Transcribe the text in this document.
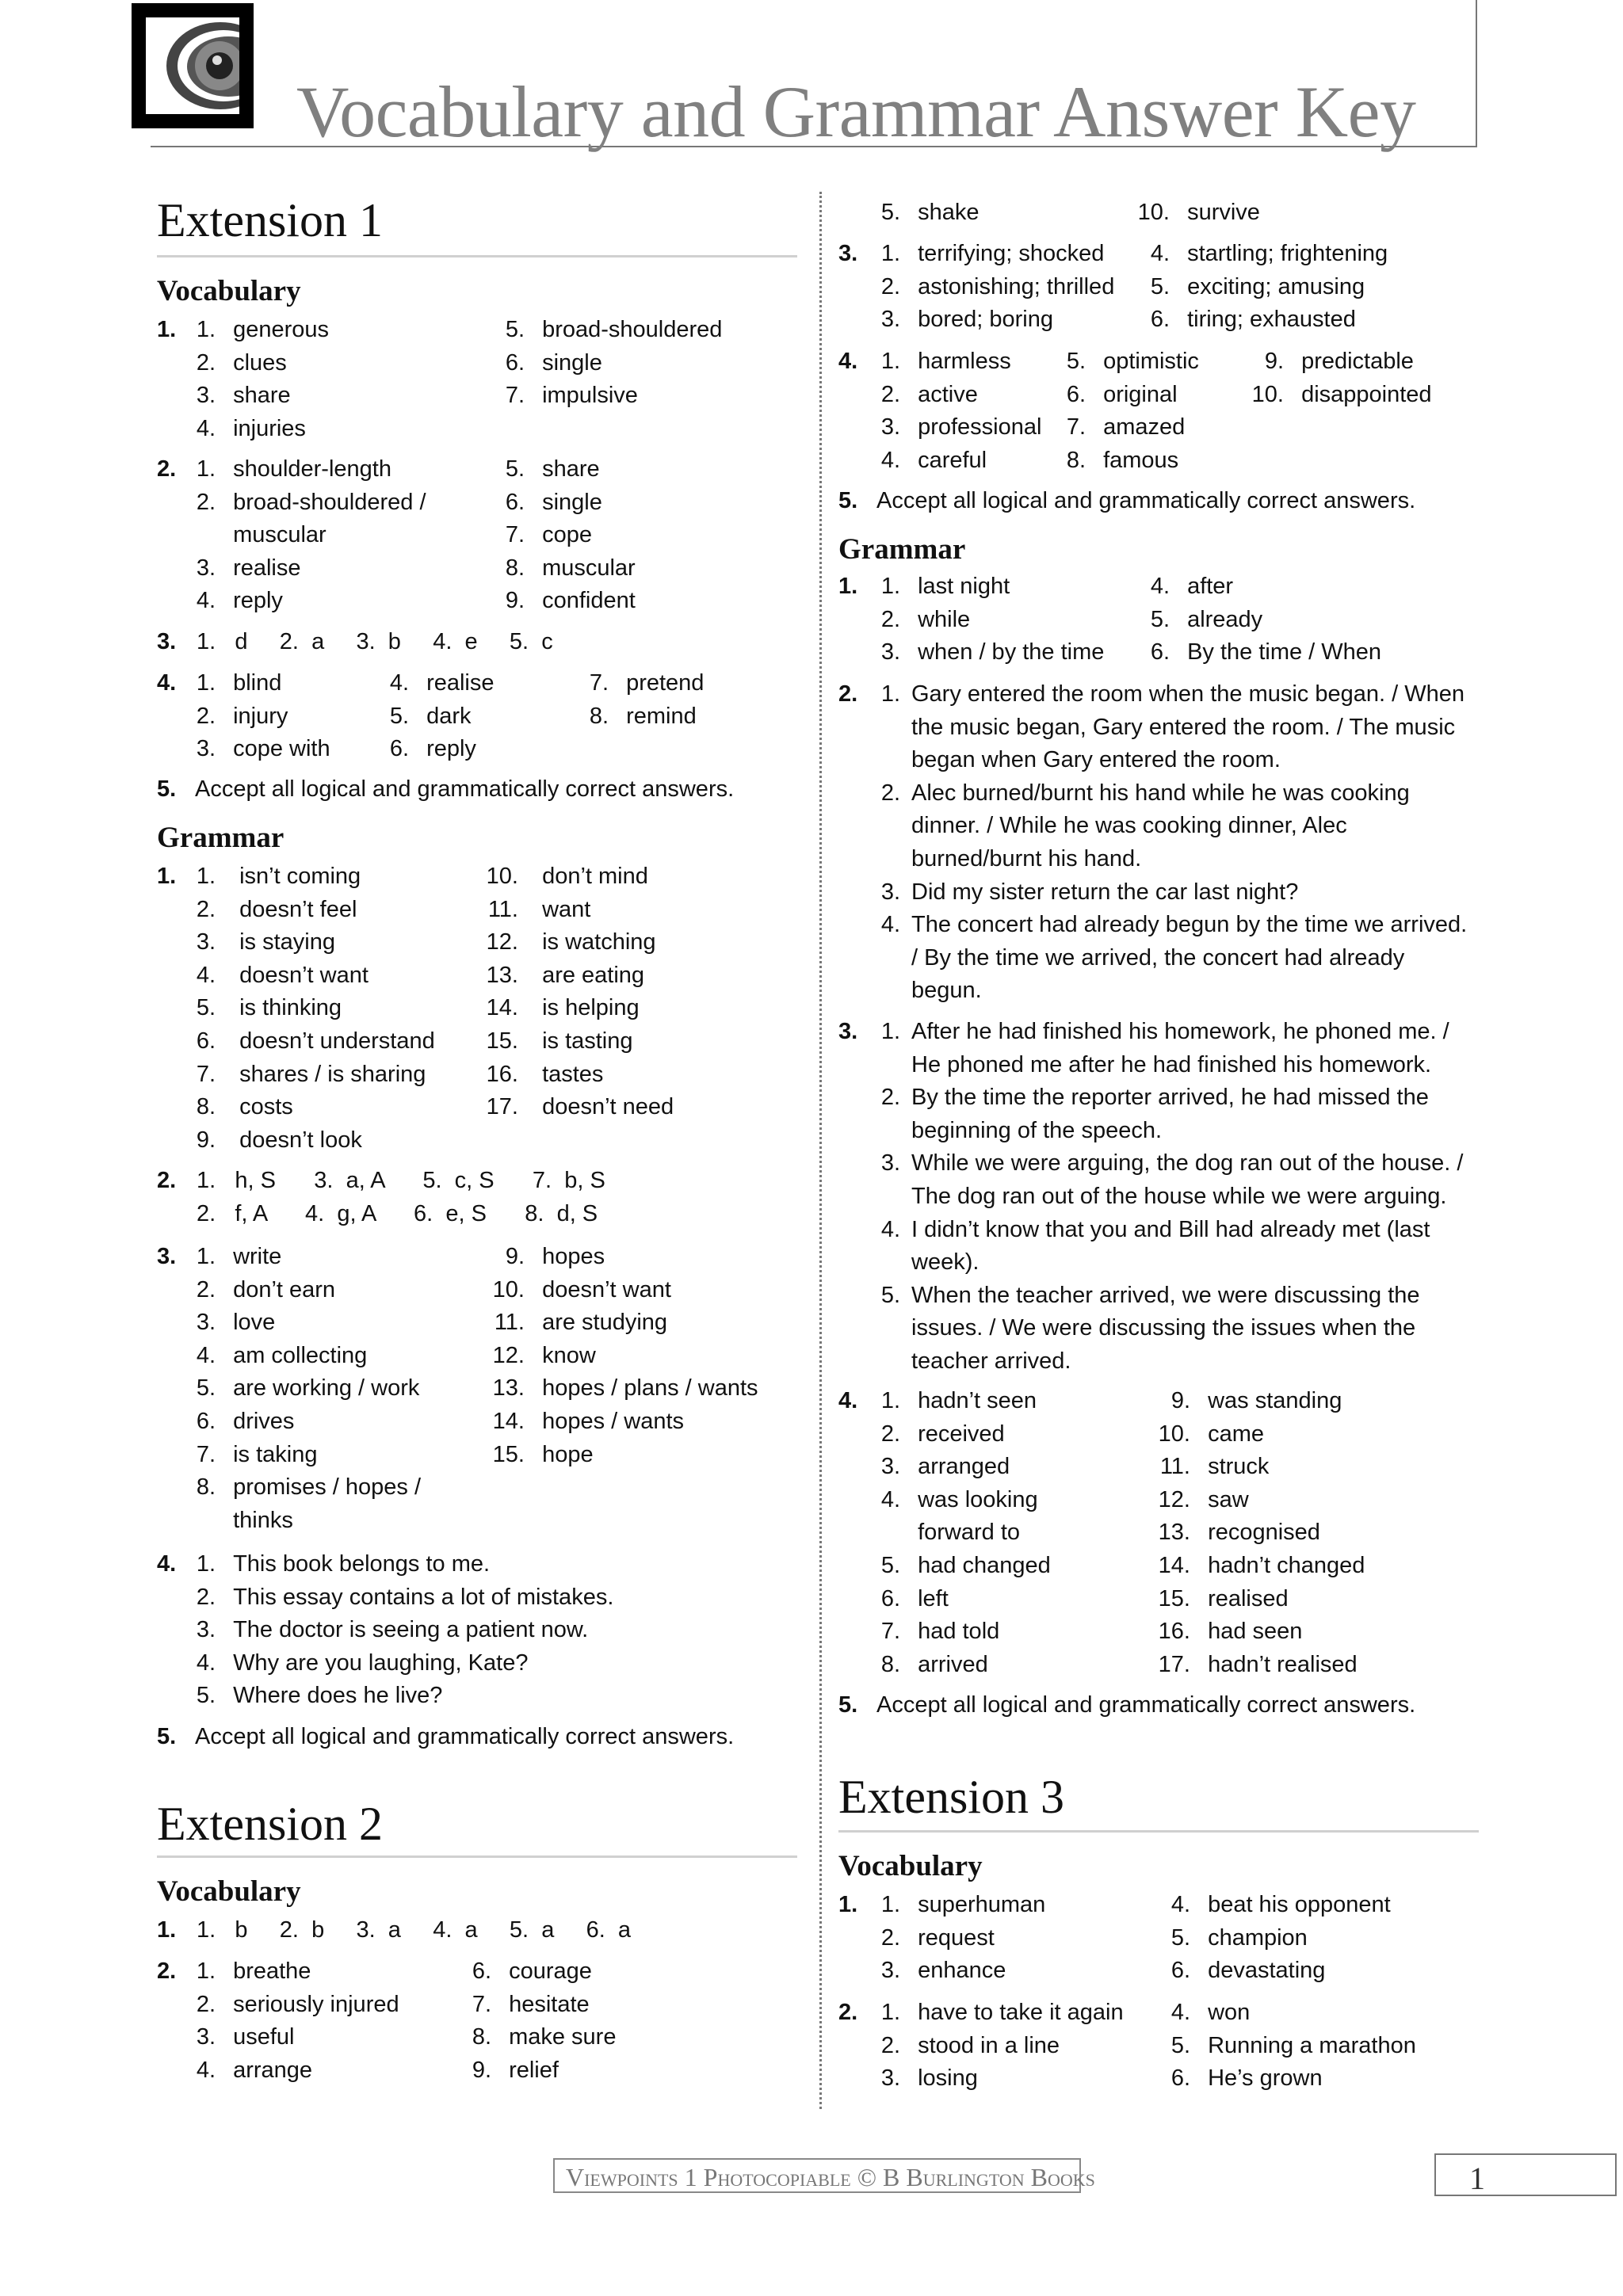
Vocabulary and Grammar Answer Key
Extension 1
Vocabulary
1. 1. generous
2. clues
3. share
4. injuries
5. broad-shouldered
6. single
7. impulsive
2. 1. shoulder-length
2. broad-shouldered /
muscular
3. realise
4. reply
5. share
6. single
7. cope
8. muscular
9. confident
3. 1.   d     2.  a     3.  b     4.  e     5.  c
4. 1. blind
2. injury
3. cope with
4. realise
5. dark
6. reply
7. pretend
8. remind
5. Accept all logical and grammatically correct answers.
Grammar
1. 1. isn’t coming
2. doesn’t feel
3. is staying
4. doesn’t want
5. is thinking
6. doesn’t understand
7. shares / is sharing
8. costs
9. doesn’t look
10. don’t mind
11. want
12. is watching
13. are eating
14. is helping
15. is tasting
16. tastes
17. doesn’t need
2. 1.   h, S      3.  a, A      5.  c, S      7.  b, S
2.   f, A      4.  g, A      6.  e, S      8.  d, S
3. 1. write
2. don’t earn
3. love
4. am collecting
5. are working / work
6. drives
7. is taking
8. promises / hopes /
thinks
9. hopes
10. doesn’t want
11. are studying
12. know
13. hopes / plans / wants
14. hopes / wants
15. hope
4. 1. This book belongs to me.
2. This essay contains a lot of mistakes.
3. The doctor is seeing a patient now.
4. Why are you laughing, Kate?
5. Where does he live?
5. Accept all logical and grammatically correct answers.
Extension 2
Vocabulary
1. 1.   b     2.  b     3.  a     4.  a     5.  a     6.  a
2. 1. breathe
2. seriously injured
3. useful
4. arrange
6. courage
7. hesitate
8. make sure
9. relief
5. shake	10. survive
3.	1. terrifying; shocked
2. astonishing; thrilled
3. bored; boring
4. startling; frightening
5. exciting; amusing
6. tiring; exhausted
4.	1. harmless
2. active
3. professional
4. careful
5. optimistic
6. original
7. amazed
8. famous
9. predictable
10. disappointed
5. Accept all logical and grammatically correct answers.
Grammar
1.	1. last night
2. while
3. when / by the time
4. after
5. already
6. By the time / When
2.	1. Gary entered the room when the music began. / When the music began, Gary entered the room. / The music began when Gary entered the room.
2. Alec burned/burnt his hand while he was cooking dinner. / While he was cooking dinner, Alec burned/burnt his hand.
3. Did my sister return the car last night?
4. The concert had already begun by the time we arrived. / By the time we arrived, the concert had already begun.
3.	1. After he had finished his homework, he phoned me. / He phoned me after he had finished his homework.
2. By the time the reporter arrived, he had missed the beginning of the speech.
3. While we were arguing, the dog ran out of the house. / The dog ran out of the house while we were arguing.
4. I didn’t know that you and Bill had already met (last week).
5. When the teacher arrived, we were discussing the issues. / We were discussing the issues when the teacher arrived.
4.	1. hadn’t seen
2. received
3. arranged
4. was looking
forward to
5. had changed
6. left
7. had told
8. arrived
9. was standing
10. came
11. struck
12. saw
13. recognised
14. hadn’t changed
15. realised
16. had seen
17. hadn’t realised
5. Accept all logical and grammatically correct answers.
Extension 3
Vocabulary
1.	1. superhuman
2. request
3. enhance
4. beat his opponent
5. champion
6. devastating
2.	1. have to take it again
2. stood in a line
3. losing
4. won
5. Running a marathon
6. He’s grown
Viewpoints 1 Photocopiable © B Burlington Books	1
